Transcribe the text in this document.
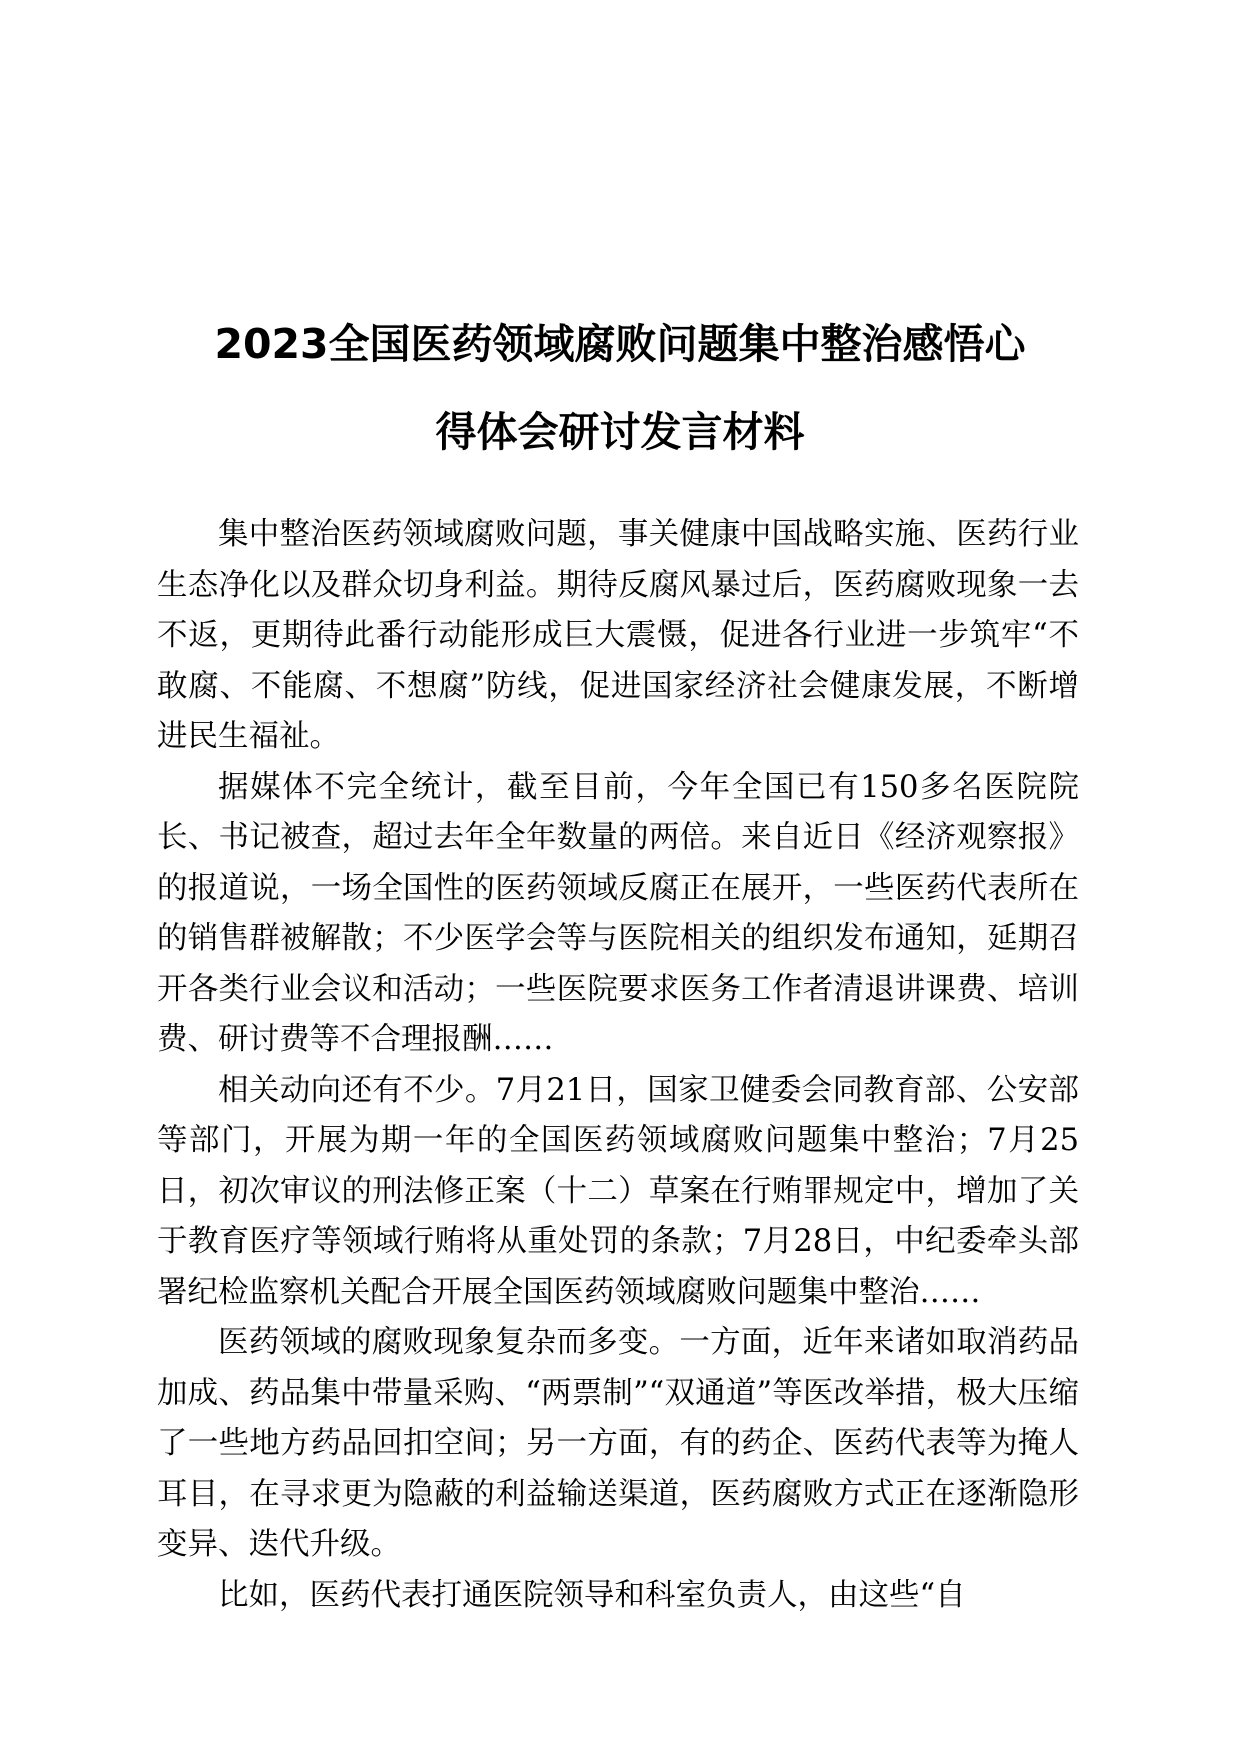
2023全国医药领域腐败问题集中整治感悟心
得体会研讨发言材料

集中整治医药领域腐败问题，事关健康中国战略实施、医药行业生态净化以及群众切身利益。期待反腐风暴过后，医药腐败现象一去不返，更期待此番行动能形成巨大震慑，促进各行业进一步筑牢“不敢腐、不能腐、不想腐”防线，促进国家经济社会健康发展，不断增进民生福祉。

据媒体不完全统计，截至目前，今年全国已有150多名医院院长、书记被查，超过去年全年数量的两倍。来自近日《经济观察报》的报道说，一场全国性的医药领域反腐正在展开，一些医药代表所在的销售群被解散；不少医学会等与医院相关的组织发布通知，延期召开各类行业会议和活动；一些医院要求医务工作者清退讲课费、培训费、研讨费等不合理报酬……

相关动向还有不少。7月21日，国家卫健委会同教育部、公安部等部门，开展为期一年的全国医药领域腐败问题集中整治；7月25日，初次审议的刑法修正案（十二）草案在行贿罪规定中，增加了关于教育医疗等领域行贿将从重处罚的条款；7月28日，中纪委牵头部署纪检监察机关配合开展全国医药领域腐败问题集中整治……

医药领域的腐败现象复杂而多变。一方面，近年来诸如取消药品加成、药品集中带量采购、“两票制”“双通道”等医改举措，极大压缩了一些地方药品回扣空间；另一方面，有的药企、医药代表等为掩人耳目，在寻求更为隐蔽的利益输送渠道，医药腐败方式正在逐渐隐形变异、迭代升级。

比如，医药代表打通医院领导和科室负责人，由这些“自
